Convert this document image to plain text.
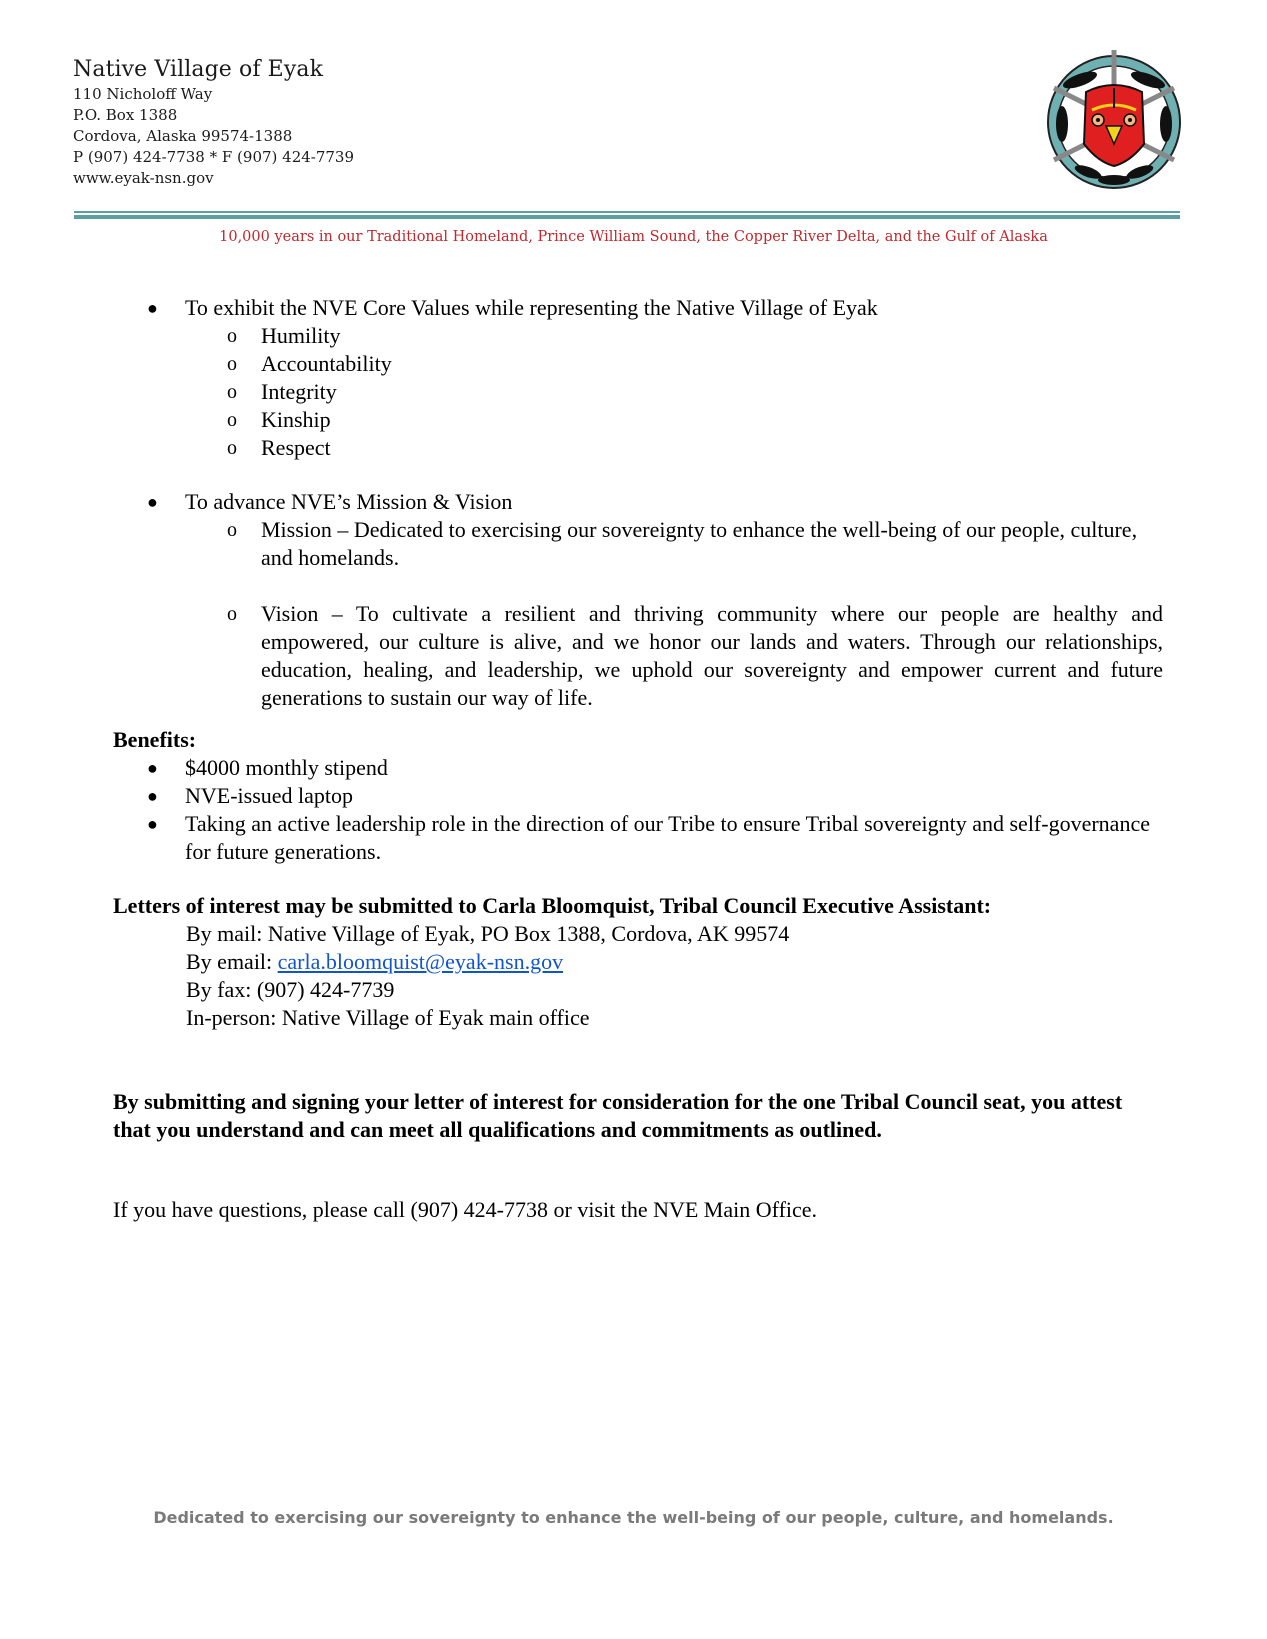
Native Village of Eyak
110 Nicholoff Way
P.O. Box 1388
Cordova, Alaska 99574-1388
P (907) 424-7738 * F (907) 424-7739
www.eyak-nsn.gov
10,000 years in our Traditional Homeland, Prince William Sound, the Copper River Delta, and the Gulf of Alaska
● To exhibit the NVE Core Values while representing the Native Village of Eyak
o Humility
o Accountability
o Integrity
o Kinship
o Respect
● To advance NVE’s Mission & Vision
o Mission – Dedicated to exercising our sovereignty to enhance the well-being of our people, culture, and homelands.
o Vision – To cultivate a resilient and thriving community where our people are healthy and empowered, our culture is alive, and we honor our lands and waters. Through our relationships, education, healing, and leadership, we uphold our sovereignty and empower current and future generations to sustain our way of life.
Benefits:
● $4000 monthly stipend
● NVE-issued laptop
● Taking an active leadership role in the direction of our Tribe to ensure Tribal sovereignty and self-governance for future generations.
Letters of interest may be submitted to Carla Bloomquist, Tribal Council Executive Assistant:
By mail: Native Village of Eyak, PO Box 1388, Cordova, AK 99574
By email: carla.bloomquist@eyak-nsn.gov
By fax: (907) 424-7739
In-person: Native Village of Eyak main office
By submitting and signing your letter of interest for consideration for the one Tribal Council seat, you attest that you understand and can meet all qualifications and commitments as outlined.
If you have questions, please call (907) 424-7738 or visit the NVE Main Office.
Dedicated to exercising our sovereignty to enhance the well-being of our people, culture, and homelands.
